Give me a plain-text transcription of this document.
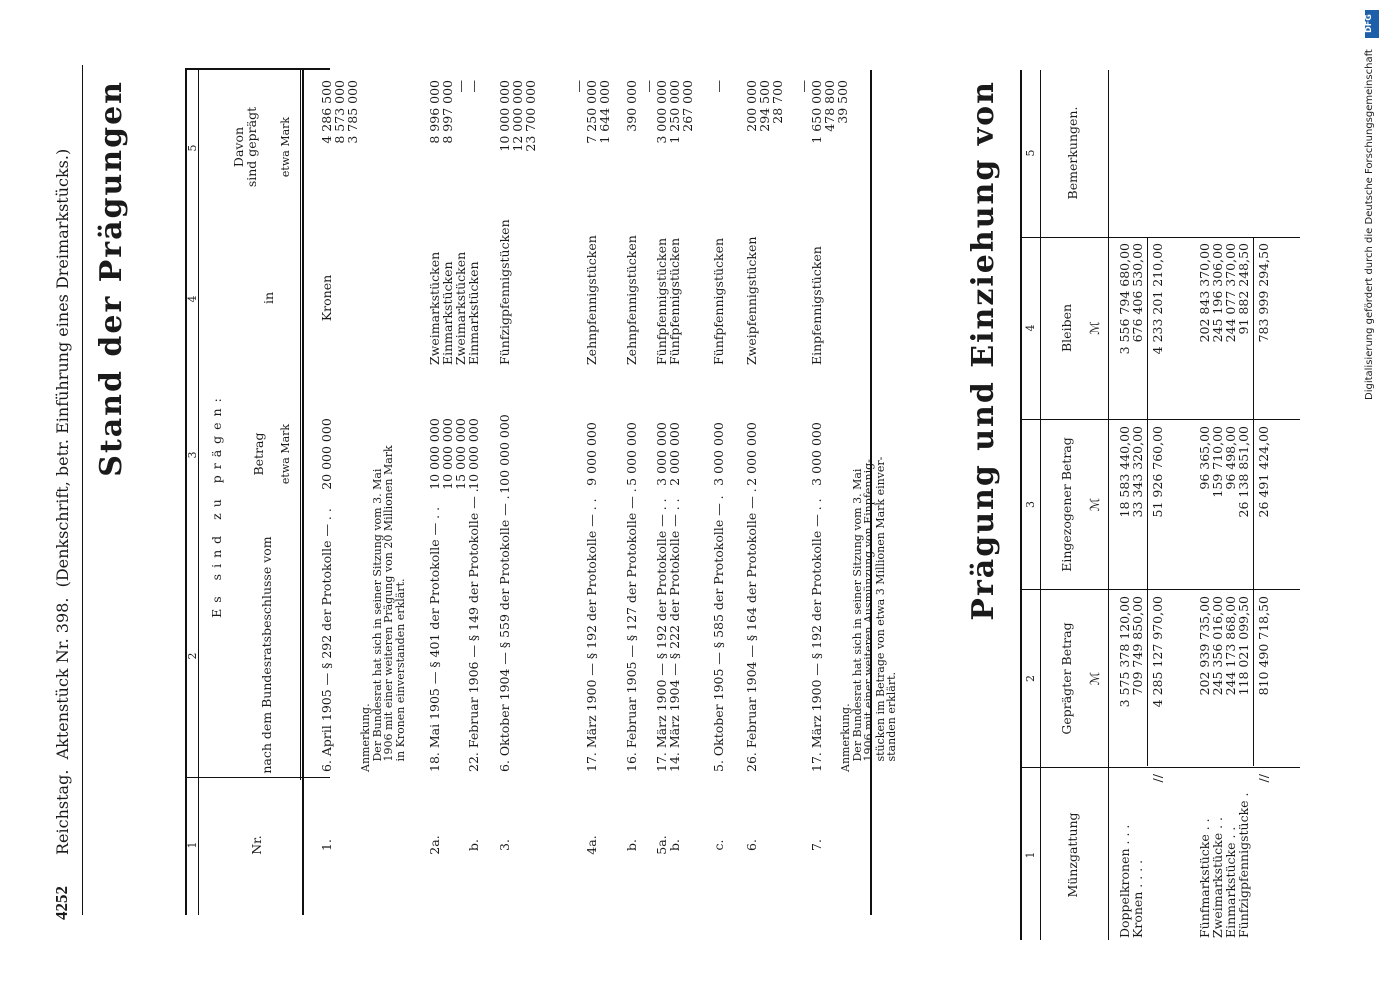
4252
Reichstag.  Aktenstück Nr. 398.  (Denkschrift, betr. Einführung eines Dreimarkstücks.) Stand der Prägungen
1
2
3
4
5
Nr.
Es sind zu prägen:
nach dem Bundesratsbeschlusse vom
Betrag etwa Mark
in
Davon
sind geprägt etwa Mark
1.
6. April 1905 — § 292 der Protokolle — . .
20 000 000
Kronen
4 286 500
8 573 000
3 785 000
Anmerkung.
Der Bundesrat hat sich in seiner Sitzung vom 3. Mai
1906 mit einer weiteren Prägung von 20 Millionen Mark
in Kronen einverstanden erklärt.
2a.
18. Mai 1905 — § 401 der Protokolle — . .
10 000 000
10 000 000
15 000 000
Zweimarkstücken
Einmarkstücken
Zweimarkstücken
8 996 000
8 997 000
—
b.
22. Februar 1906 — § 149 der Protokolle — .
10 000 000
Einmarkstücken
—
3.
6. Oktober 1904 — § 559 der Protokolle — .
100 000 000
Fünfzigpfennigstücken
10 000 000
12 000 000
23 700 000
4a.
17. März 1900 — § 192 der Protokolle — . .
9 000 000
Zehnpfennigstücken
—
7 250 000
1 644 000
b.
16. Februar 1905 — § 127 der Protokolle — .
5 000 000
Zehnpfennigstücken
390 000
5a.
b.
17. März 1900 — § 192 der Protokolle — . .
14. März 1904 — § 222 der Protokolle — . .
3 000 000
2 000 000
Fünfpfennigstücken
Fünfpfennigstücken
—
3 000 000
1 250 000
267 000
c.
5. Oktober 1905 — § 585 der Protokolle — .
3 000 000
Fünfpfennigstücken
—
6.
26. Februar 1904 — § 164 der Protokolle — .
2 000 000
Zweipfennigstücken
200 000
294 500
28 700
7.
17. März 1900 — § 192 der Protokolle — . .
3 000 000
Einpfennigstücken
—
1 650 000
478 800
39 500
Anmerkung.
Der Bundesrat hat sich in seiner Sitzung vom 3. Mai
1906 mit einer weiteren Ausmünzung von Einpfennig-
stücken im Betrage von etwa 3 Millionen Mark einver-
standen erklärt.
Prägung und Einziehung von
1
2
3
4
5
Münzgattung
Geprägter Betrag ℳ
Eingezogener Betrag ℳ
Bleiben ℳ
Bemerkungen.
Doppelkronen . . .
3 575 378 120,00
18 583 440,00
3 556 794 680,00
Kronen . . . .
709 749 850,00
33 343 320,00
676 406 530,00
//
4 285 127 970,00
51 926 760,00
4 233 201 210,00
Fünfmarkstücke . .
202 939 735,00
96 365,00
202 843 370,00
Zweimarkstücke . .
245 356 016,00
159 710,00
245 196 306,00
Einmarkstücke . .
244 173 868,00
96 498,00
244 077 370,00
Fünfzigpfennigstücke .
118 021 099,50
26 138 851,00
91 882 248,50
//
810 490 718,50
26 491 424,00
783 999 294,50
DFG
Digitalisierung gefördert durch die Deutsche Forschungsgemeinschaft
